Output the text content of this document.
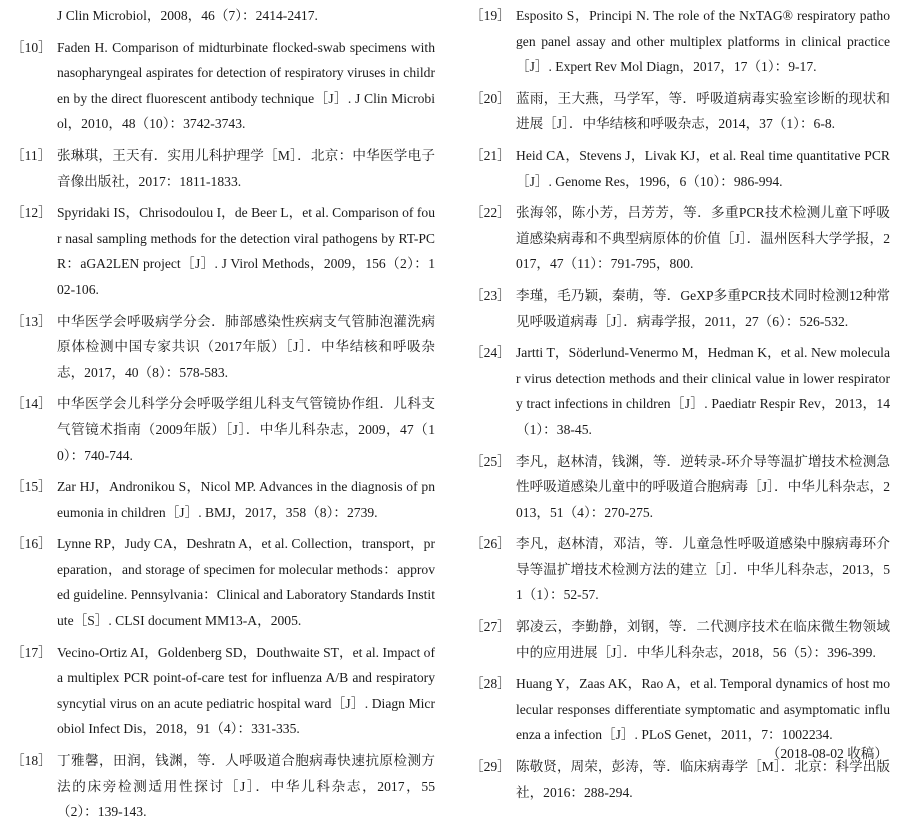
J Clin Microbiol，2008，46（7）：2414-2417.
［10］ Faden H. Comparison of midturbinate flocked-swab specimens with nasopharyngeal aspirates for detection of respiratory viruses in children by the direct fluorescent antibody technique［J］. J Clin Microbiol，2010，48（10）：3742-3743.
［11］ 张琳琪，王天有．实用儿科护理学［M］．北京：中华医学电子音像出版社，2017：1811-1833.
［12］ Spyridaki IS，Chrisodoulou I，de Beer L，et al. Comparison of four nasal sampling methods for the detection viral pathogens by RT-PCR：aGA2LEN project［J］. J Virol Methods，2009，156（2）：102-106.
［13］ 中华医学会呼吸病学分会．肺部感染性疾病支气管肺泡灌洗病原体检测中国专家共识（2017年版）［J］．中华结核和呼吸杂志，2017，40（8）：578-583.
［14］ 中华医学会儿科学分会呼吸学组儿科支气管镜协作组．儿科支气管镜术指南（2009年版）［J］．中华儿科杂志，2009，47（10）：740-744.
［15］ Zar HJ，Andronikou S，Nicol MP. Advances in the diagnosis of pneumonia in children［J］. BMJ，2017，358（8）：2739.
［16］ Lynne RP，Judy CA，Deshratn A，et al. Collection，transport，preparation，and storage of specimen for molecular methods：approved guideline. Pennsylvania：Clinical and Laboratory Standards Institute［S］. CLSI document MM13-A，2005.
［17］ Vecino-Ortiz AI，Goldenberg SD，Douthwaite ST，et al. Impact of a multiplex PCR point-of-care test for influenza A/B and respiratory syncytial virus on an acute pediatric hospital ward［J］. Diagn Microbiol Infect Dis，2018，91（4）：331-335.
［18］ 丁雅馨，田润，钱渊，等．人呼吸道合胞病毒快速抗原检测方法的床旁检测适用性探讨［J］．中华儿科杂志，2017，55（2）：139-143.
［19］ Esposito S，Principi N. The role of the NxTAG® respiratory pathogen panel assay and other multiplex platforms in clinical practice［J］. Expert Rev Mol Diagn，2017，17（1）：9-17.
［20］ 蓝雨，王大燕，马学军，等．呼吸道病毒实验室诊断的现状和进展［J］．中华结核和呼吸杂志，2014，37（1）：6-8.
［21］ Heid CA，Stevens J，Livak KJ，et al. Real time quantitative PCR［J］. Genome Res，1996，6（10）：986-994.
［22］ 张海邻，陈小芳，吕芳芳，等．多重PCR技术检测儿童下呼吸道感染病毒和不典型病原体的价值［J］．温州医科大学学报，2017，47（11）：791-795，800.
［23］ 李瑾，毛乃颖，秦萌，等．GeXP多重PCR技术同时检测12种常见呼吸道病毒［J］．病毒学报，2011，27（6）：526-532.
［24］ Jartti T，Söderlund-Venermo M，Hedman K，et al. New molecular virus detection methods and their clinical value in lower respiratory tract infections in children［J］. Paediatr Respir Rev，2013，14（1）：38-45.
［25］ 李凡，赵林清，钱渊，等．逆转录-环介导等温扩增技术检测急性呼吸道感染儿童中的呼吸道合胞病毒［J］．中华儿科杂志，2013，51（4）：270-275.
［26］ 李凡，赵林清，邓洁，等．儿童急性呼吸道感染中腺病毒环介导等温扩增技术检测方法的建立［J］．中华儿科杂志，2013，51（1）：52-57.
［27］ 郭凌云，李勤静，刘钢，等．二代测序技术在临床微生物领域中的应用进展［J］．中华儿科杂志，2018，56（5）：396-399.
［28］ Huang Y，Zaas AK，Rao A，et al. Temporal dynamics of host molecular responses differentiate symptomatic and asymptomatic influenza a infection［J］. PLoS Genet，2011，7：1002234.
［29］ 陈敬贤，周荣，彭涛，等．临床病毒学［M］．北京：科学出版社，2016：288-294.
（2018-08-02 收稿）
